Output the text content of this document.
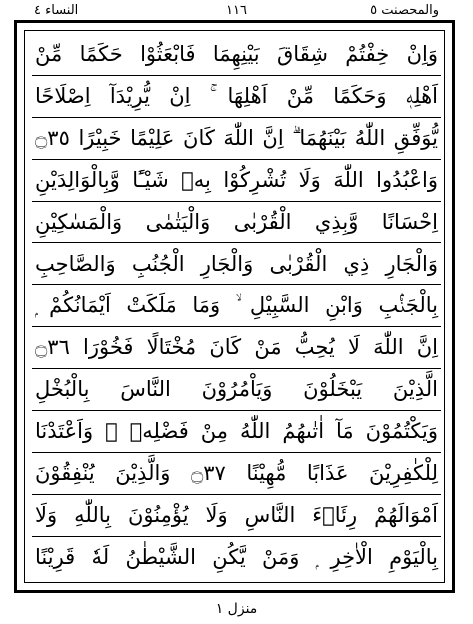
والمحصنت ٥
١١٦
النساء ٤
وَاِنْ خِفْتُمْ شِقَاقَ بَيْنِهِمَا فَابْعَثُوْا حَكَمًا مِّنْ
اَهْلِهٖ وَحَكَمًا مِّنْ اَهْلِهَا ۚ اِنْ يُّرِيْدَآ اِصْلَاحًا
يُّوَفِّقِ اللّٰهُ بَيْنَهُمَا ۗ اِنَّ اللّٰهَ كَانَ عَلِيْمًا خَبِيْرًا ۝٣٥
وَاعْبُدُوا اللّٰهَ وَلَا تُشْرِكُوْا بِهٖ شَيْـًٔا وَّبِالْوَالِدَيْنِ
اِحْسَانًا وَّبِذِي الْقُرْبٰى وَالْيَتٰمٰى وَالْمَسٰكِيْنِ
وَالْجَارِ ذِي الْقُرْبٰى وَالْجَارِ الْجُنُبِ وَالصَّاحِبِ
بِالْجَنْۢبِ وَابْنِ السَّبِيْلِ ۙ وَمَا مَلَكَتْ اَيْمَانُكُمْ ۭ
اِنَّ اللّٰهَ لَا يُحِبُّ مَنْ كَانَ مُخْتَالًا فَخُوْرَا ۝٣٦
الَّذِيْنَ يَبْخَلُوْنَ وَيَاْمُرُوْنَ النَّاسَ بِالْبُخْلِ
وَيَكْتُمُوْنَ مَآ اٰتٰىهُمُ اللّٰهُ مِنْ فَضْلِهٖ ۭ وَاَعْتَدْنَا
لِلْكٰفِرِيْنَ عَذَابًا مُّهِيْنًا ۝٣٧ وَالَّذِيْنَ يُنْفِقُوْنَ
اَمْوَالَهُمْ رِئَاۗءَ النَّاسِ وَلَا يُؤْمِنُوْنَ بِاللّٰهِ وَلَا
بِالْيَوْمِ الْاٰخِرِ ۭ وَمَنْ يَّكُنِ الشَّيْطٰنُ لَهٗ قَرِيْنًا
منزل ١
